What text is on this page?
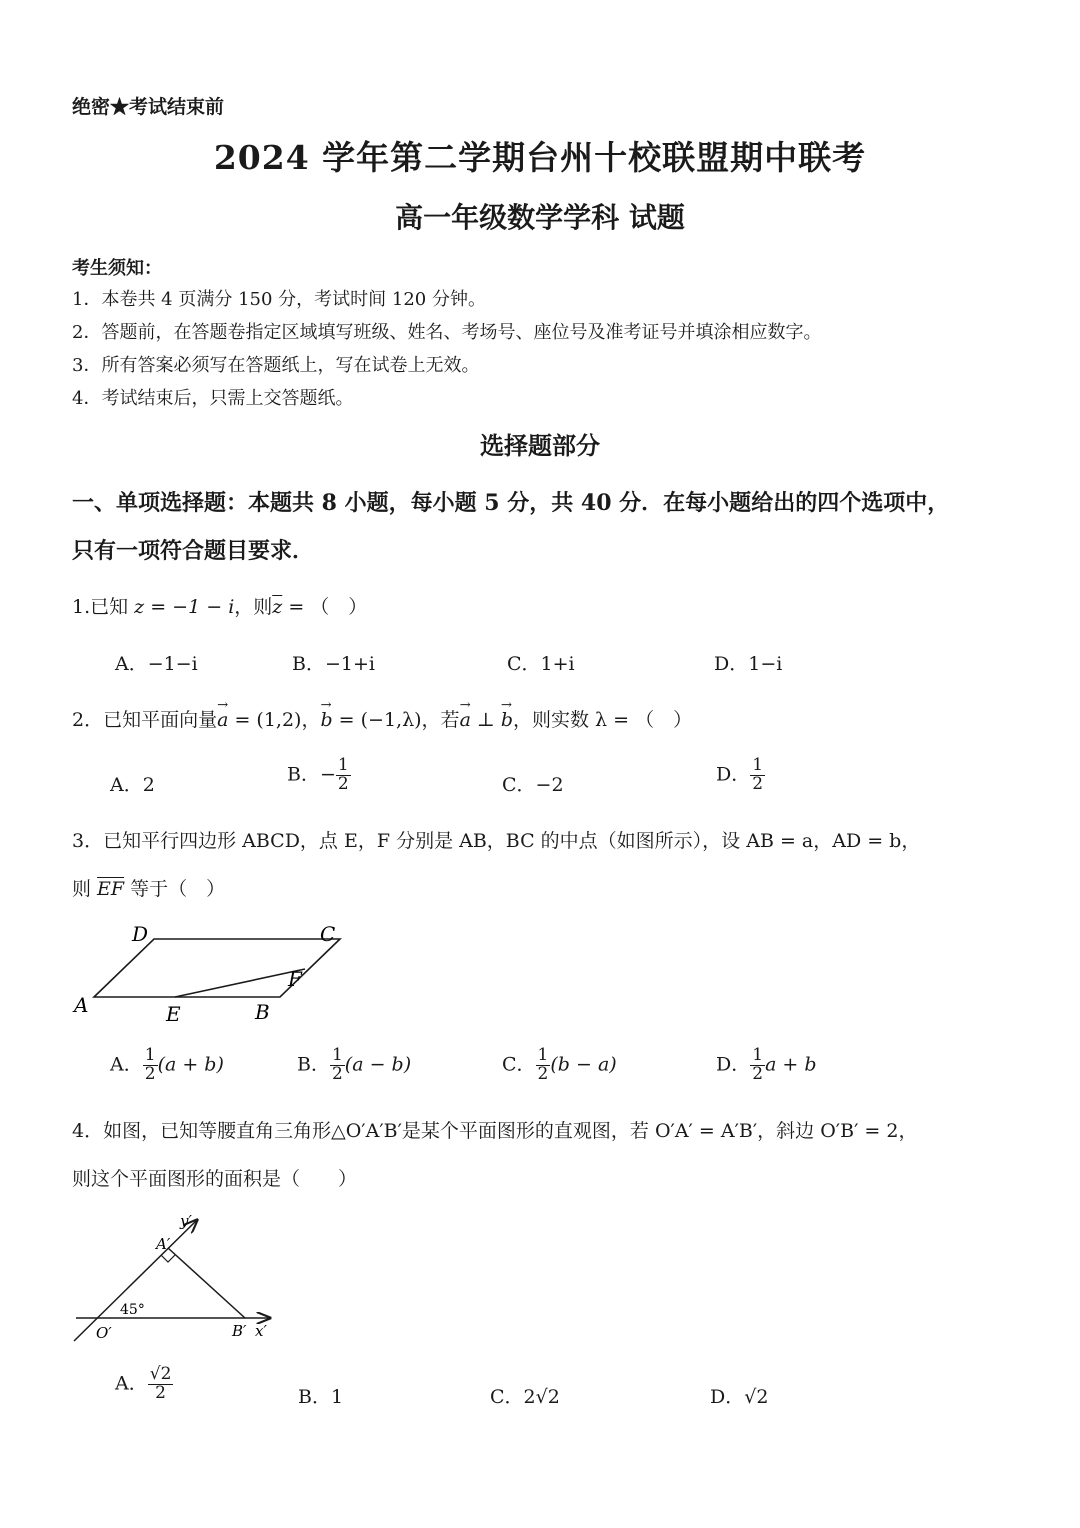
绝密★考试结束前
2024 学年第二学期台州十校联盟期中联考
高一年级数学学科 试题
考生须知：
1．本卷共 4 页满分 150 分，考试时间 120 分钟。
2．答题前，在答题卷指定区域填写班级、姓名、考场号、座位号及准考证号并填涂相应数字。
3．所有答案必须写在答题纸上，写在试卷上无效。
4．考试结束后，只需上交答题纸。
选择题部分
一、单项选择题：本题共 8 小题，每小题 5 分，共 40 分．在每小题给出的四个选项中，
只有一项符合题目要求．
1.已知 z = −1 − i，则$\overline{z}$ = （　）
A．−1−i	B．−1+i	C．1+i	D．1−i
2．已知平面向量→ a = (1,2)，→ b = (−1,λ)，若→ a ⊥ → b，则实数 λ = （　）
A．2	B．− $\frac{1}{2}$	C．−2	D． $\frac{1}{2}$
3．已知平行四边形 ABCD，点 E，F 分别是 AB，BC 的中点（如图所示），设 AB = a，AD = b，
则 $\overline{EF}$ 等于（　）
D	C
F
A	E	B
A． $\frac{1}{2} (a + b)$	B． $\frac{1}{2} (a - b)$	C． $\frac{1}{2} (b - a)$	D． $\frac{1}{2}$ a + b
4．如图，已知等腰直角三角形△O′A′B′是某个平面图形的直观图，若 O′A′ = A′B′，斜边 O′B′ = 2，
则这个平面图形的面积是（　　）
y′
A′
45°
O′	B′ x′
A． $\frac{√2}{2}$	B．1	C．2√2	D．√2
